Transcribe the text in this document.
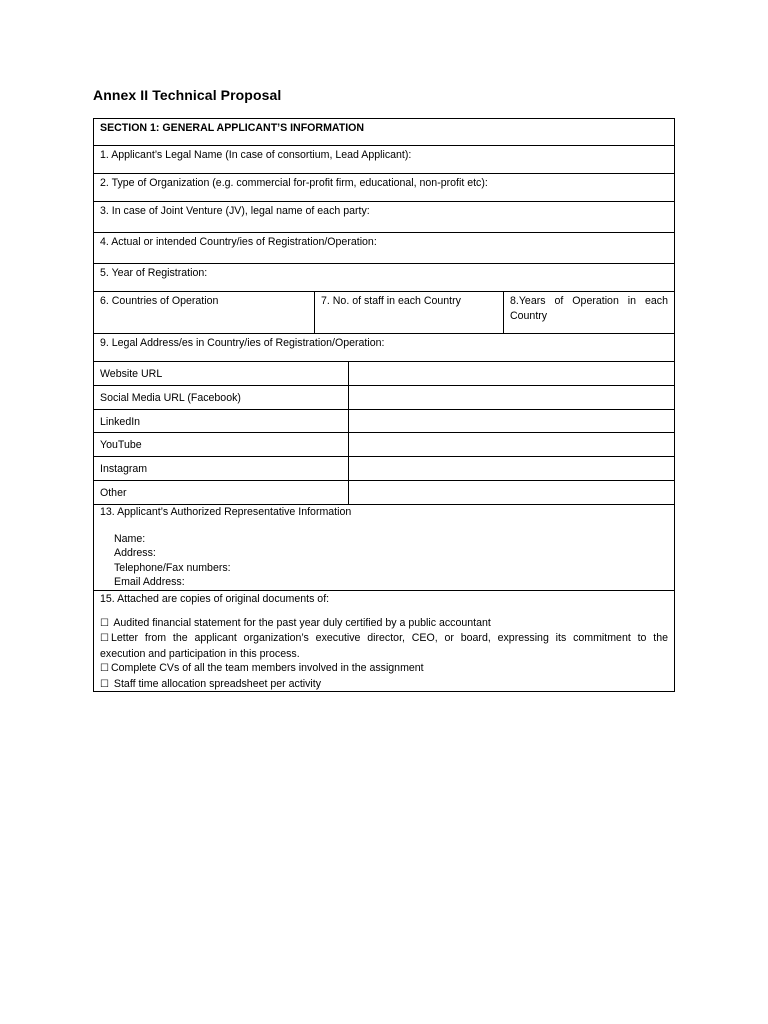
Annex II Technical Proposal
SECTION 1: GENERAL APPLICANT’S INFORMATION
1. Applicant’s Legal Name (In case of consortium, Lead Applicant):
2. Type of Organization (e.g. commercial for-profit firm, educational, non-profit etc):
3. In case of Joint Venture (JV), legal name of each party:
4. Actual or intended Country/ies of Registration/Operation:
5. Year of Registration:
6. Countries of Operation	7. No. of staff in each Country	8.Years of Operation in each
Country
9. Legal Address/es in Country/ies of Registration/Operation:
Website URL
Social Media URL (Facebook)
LinkedIn
YouTube
Instagram
Other
13. Applicant’s Authorized Representative Information
Name:
Address:
Telephone/Fax numbers:
Email Address:
15. Attached are copies of original documents of:
☐ Audited financial statement for the past year duly certified by a public accountant
☐ Letter from the applicant organization’s executive director, CEO, or board, expressing its commitment to the
execution and participation in this process.
☐ Complete CVs of all the team members involved in the assignment
☐ Staff time allocation spreadsheet per activity
